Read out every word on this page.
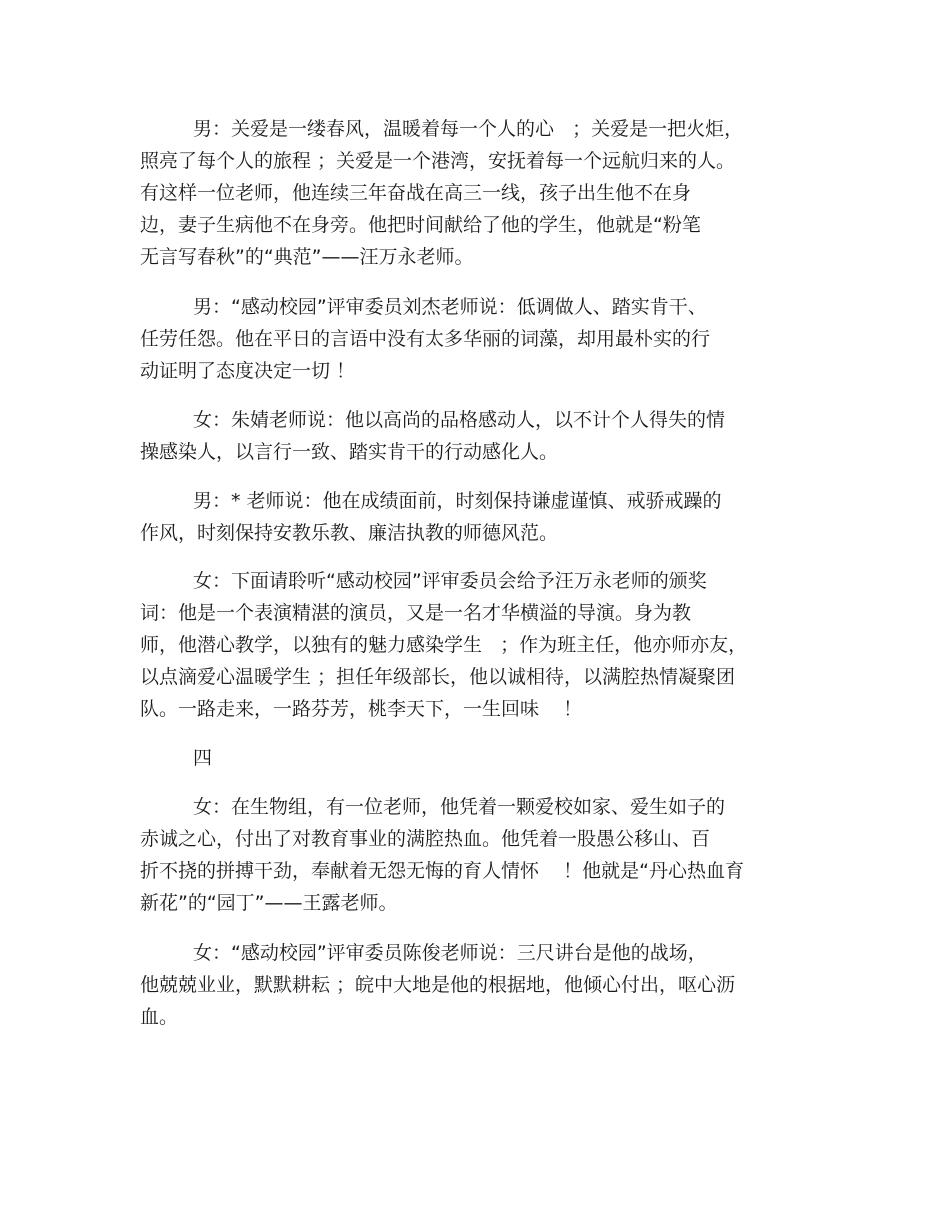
男：关爱是一缕春风，温暖着每一个人的心   ；关爱是一把火炬，
照亮了每个人的旅程 ；关爱是一个港湾，安抚着每一个远航归来的人。
有这样一位老师，他连续三年奋战在高三一线，孩子出生他不在身
边，妻子生病他不在身旁。他把时间献给了他的学生，他就是“粉笔
无言写春秋”的“典范”——汪万永老师。
男：“感动校园”评审委员刘杰老师说：低调做人、踏实肯干、
任劳任怨。他在平日的言语中没有太多华丽的词藻，却用最朴实的行
动证明了态度决定一切 ！
女：朱婧老师说：他以高尚的品格感动人，以不计个人得失的情
操感染人，以言行一致、踏实肯干的行动感化人。
男：* 老师说：他在成绩面前，时刻保持谦虚谨慎、戒骄戒躁的
作风，时刻保持安教乐教、廉洁执教的师德风范。
女：下面请聆听“感动校园”评审委员会给予汪万永老师的颁奖
词：他是一个表演精湛的演员，又是一名才华横溢的导演。身为教
师，他潜心教学，以独有的魅力感染学生   ；作为班主任，他亦师亦友，
以点滴爱心温暖学生 ；担任年级部长，他以诚相待，以满腔热情凝聚团
队。一路走来，一路芬芳，桃李天下，一生回味    ！
四
女：在生物组，有一位老师，他凭着一颗爱校如家、爱生如子的
赤诚之心，付出了对教育事业的满腔热血。他凭着一股愚公移山、百
折不挠的拼搏干劲，奉献着无怨无悔的育人情怀    ！他就是“丹心热血育
新花”的“园丁”——王露老师。
女：“感动校园”评审委员陈俊老师说：三尺讲台是他的战场，
他兢兢业业，默默耕耘 ；皖中大地是他的根据地，他倾心付出，呕心沥
血。
